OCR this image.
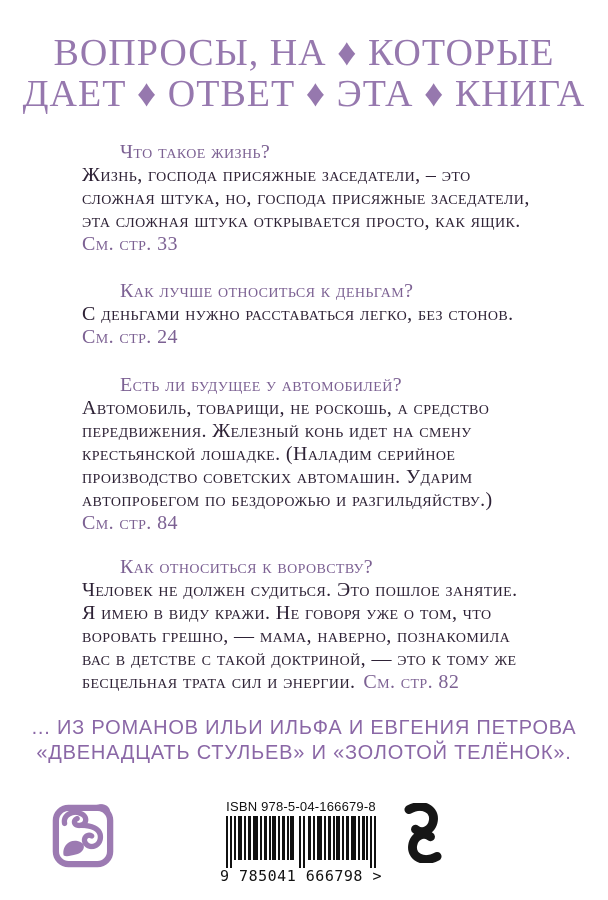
ВОПРОСЫ, НА ♦ КОТОРЫЕ
ДАЕТ ♦ ОТВЕТ ♦ ЭТА ♦ КНИГА
Что такое жизнь?
Жизнь, господа присяжные заседатели, – это
сложная штука, но, господа присяжные заседатели,
эта сложная штука открывается просто, как ящик.
См. стр. 33
Как лучше относиться к деньгам?
С деньгами нужно расставаться легко, без стонов.
См. стр. 24
Есть ли будущее у автомобилей?
Автомобиль, товарищи, не роскошь, а средство
передвижения. Железный конь идет на смену
крестьянской лошадке. (Наладим серийное
производство советских автомашин. Ударим
автопробегом по бездорожью и разгильдяйству.)
См. стр. 84
Как относиться к воровству?
Человек не должен судиться. Это пошлое занятие.
Я имею в виду кражи. Не говоря уже о том, что
воровать грешно, — мама, наверно, познакомила
вас в детстве с такой доктриной, — это к тому же
бесцельная трата сил и энергии. См. стр. 82
... ИЗ РОМАНОВ ИЛЬИ ИЛЬФА И ЕВГЕНИЯ ПЕТРОВА
«ДВЕНАДЦАТЬ СТУЛЬЕВ» И «ЗОЛОТОЙ ТЕЛЁНОК».
ISBN 978-5-04-166679-8
9 785041 666798 >
